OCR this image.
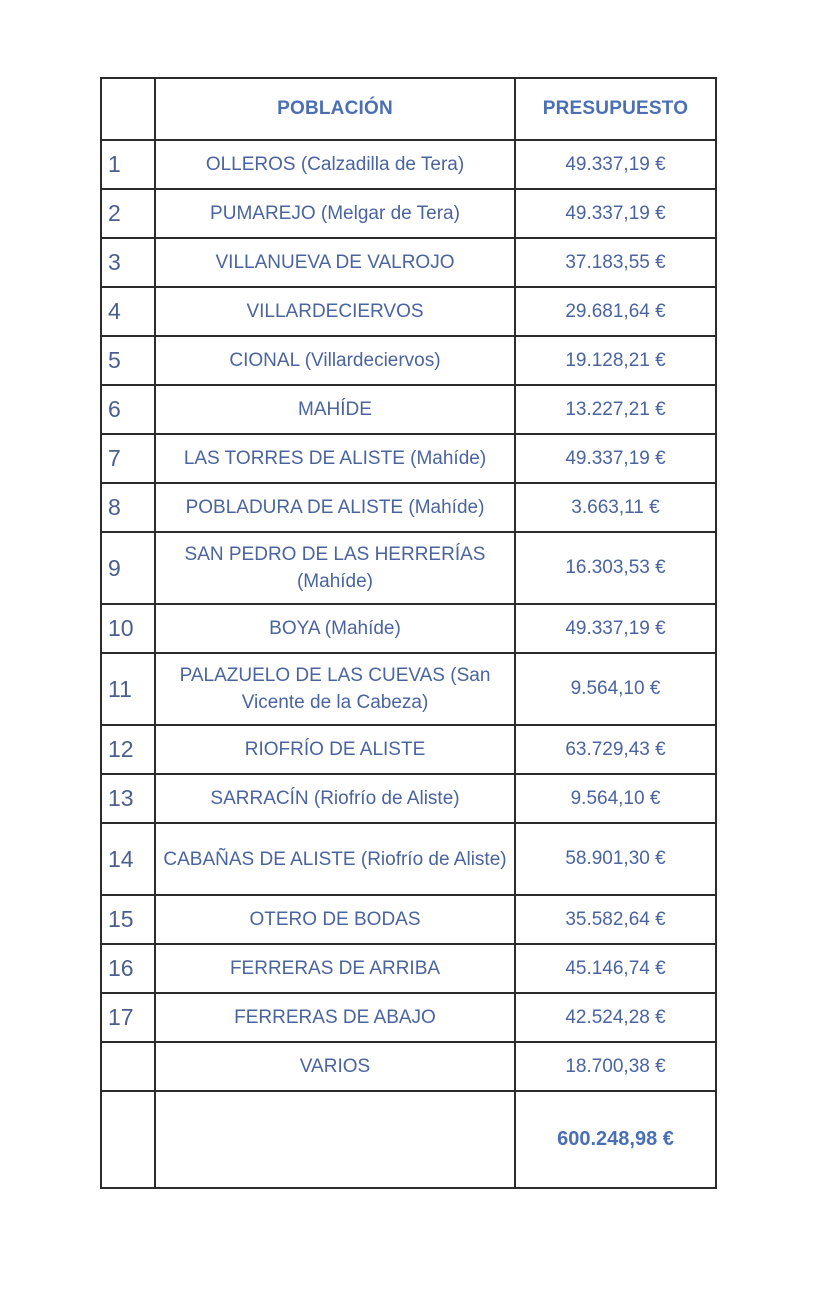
	POBLACIÓN	PRESUPUESTO
1	OLLEROS (Calzadilla de Tera)	49.337,19 €
2	PUMAREJO (Melgar de Tera)	49.337,19 €
3	VILLANUEVA DE VALROJO	37.183,55 €
4	VILLARDECIERVOS	29.681,64 €
5	CIONAL (Villardeciervos)	19.128,21 €
6	MAHÍDE	13.227,21 €
7	LAS TORRES DE ALISTE (Mahíde)	49.337,19 €
8	POBLADURA DE ALISTE (Mahíde)	3.663,11 €
9	SAN PEDRO DE LAS HERRERÍAS (Mahíde)	16.303,53 €
10	BOYA (Mahíde)	49.337,19 €
11	PALAZUELO DE LAS CUEVAS (San Vicente de la Cabeza)	9.564,10 €
12	RIOFRÍO DE ALISTE	63.729,43 €
13	SARRACÍN (Riofrío de Aliste)	9.564,10 €
14	CABAÑAS DE ALISTE (Riofrío de Aliste)	58.901,30 €
15	OTERO DE BODAS	35.582,64 €
16	FERRERAS DE ARRIBA	45.146,74 €
17	FERRERAS DE ABAJO	42.524,28 €
	VARIOS	18.700,38 €
		600.248,98 €
